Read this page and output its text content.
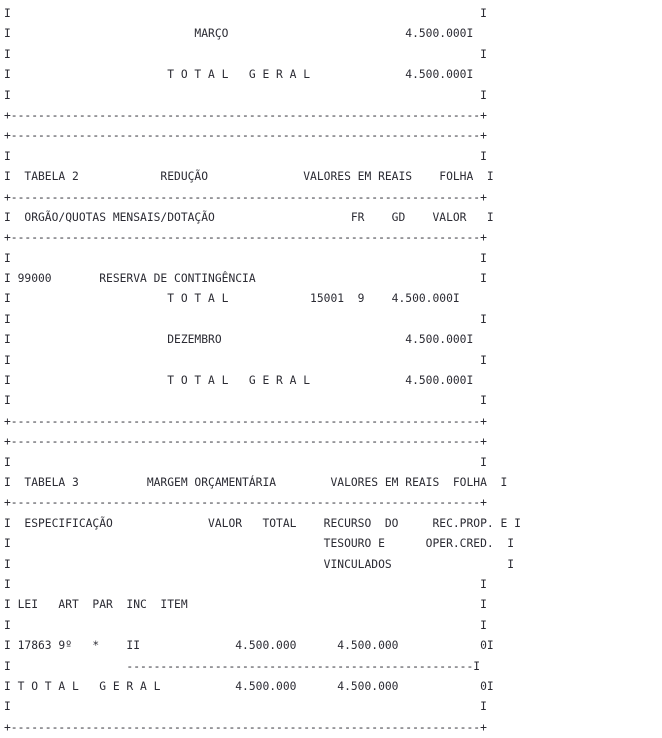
I                                                                     I
I                           MARÇO                          4.500.000I
I                                                                     I
I                       T O T A L   G E R A L              4.500.000I
I                                                                     I
+---------------------------------------------------------------------+
+---------------------------------------------------------------------+
I                                                                     I
I  TABELA 2            REDUÇÃO              VALORES EM REAIS    FOLHA  I
+---------------------------------------------------------------------+
I  ORGÃO/QUOTAS MENSAIS/DOTAÇÃO                    FR    GD    VALOR   I
+---------------------------------------------------------------------+
I                                                                     I
I 99000       RESERVA DE CONTINGÊNCIA                                 I
I                       T O T A L            15001  9    4.500.000I
I                                                                     I
I                       DEZEMBRO                           4.500.000I
I                                                                     I
I                       T O T A L   G E R A L              4.500.000I
I                                                                     I
+---------------------------------------------------------------------+
+---------------------------------------------------------------------+
I                                                                     I
I  TABELA 3          MARGEM ORÇAMENTÁRIA        VALORES EM REAIS  FOLHA  I
+---------------------------------------------------------------------+
I  ESPECIFICAÇÃO              VALOR   TOTAL    RECURSO  DO     REC.PROP. E I
I                                              TESOURO E      OPER.CRED.  I
I                                              VINCULADOS                 I
I                                                                     I
I LEI   ART  PAR  INC  ITEM                                           I
I                                                                     I
I 17863 9º   *    II              4.500.000      4.500.000            0I
I                 ---------------------------------------------------I
I T O T A L   G E R A L           4.500.000      4.500.000            0I
I                                                                     I
+---------------------------------------------------------------------+
